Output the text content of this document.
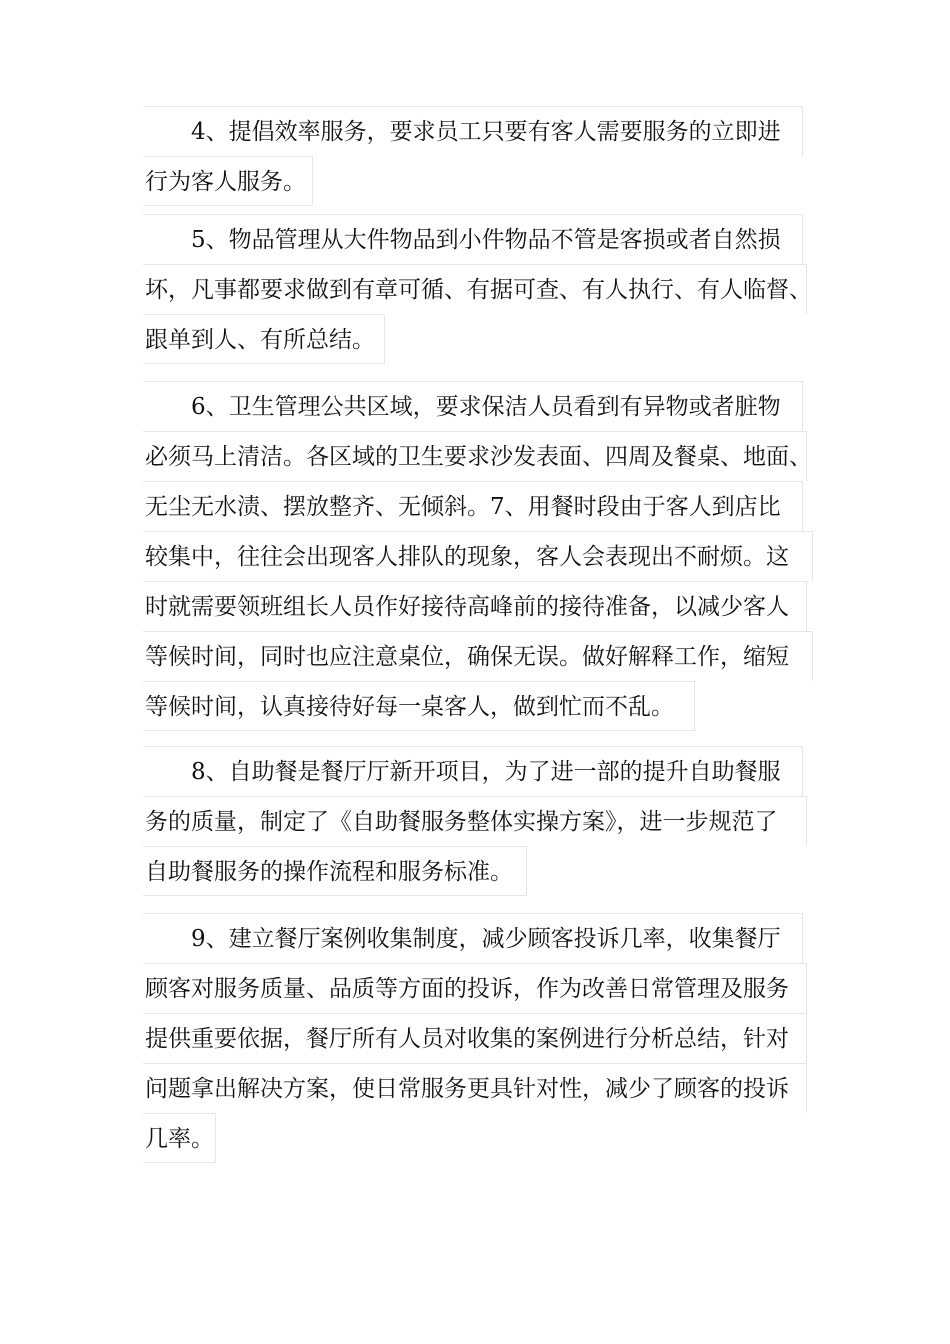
4、提倡效率服务，要求员工只要有客人需要服务的立即进
行为客人服务。
5、物品管理从大件物品到小件物品不管是客损或者自然损
坏，凡事都要求做到有章可循、有据可查、有人执行、有人临督、
跟单到人、有所总结。
6、卫生管理公共区域，要求保洁人员看到有异物或者脏物
必须马上清洁。各区域的卫生要求沙发表面、四周及餐桌、地面、
无尘无水渍、摆放整齐、无倾斜。7、用餐时段由于客人到店比
较集中，往往会出现客人排队的现象，客人会表现出不耐烦。这
时就需要领班组长人员作好接待高峰前的接待准备，以减少客人
等候时间，同时也应注意桌位，确保无误。做好解释工作，缩短
等候时间，认真接待好每一桌客人，做到忙而不乱。
8、自助餐是餐厅厅新开项目，为了进一部的提升自助餐服
务的质量，制定了《自助餐服务整体实操方案》，进一步规范了
自助餐服务的操作流程和服务标准。
9、建立餐厅案例收集制度，减少顾客投诉几率，收集餐厅
顾客对服务质量、品质等方面的投诉，作为改善日常管理及服务
提供重要依据，餐厅所有人员对收集的案例进行分析总结，针对
问题拿出解决方案，使日常服务更具针对性，减少了顾客的投诉
几率。
